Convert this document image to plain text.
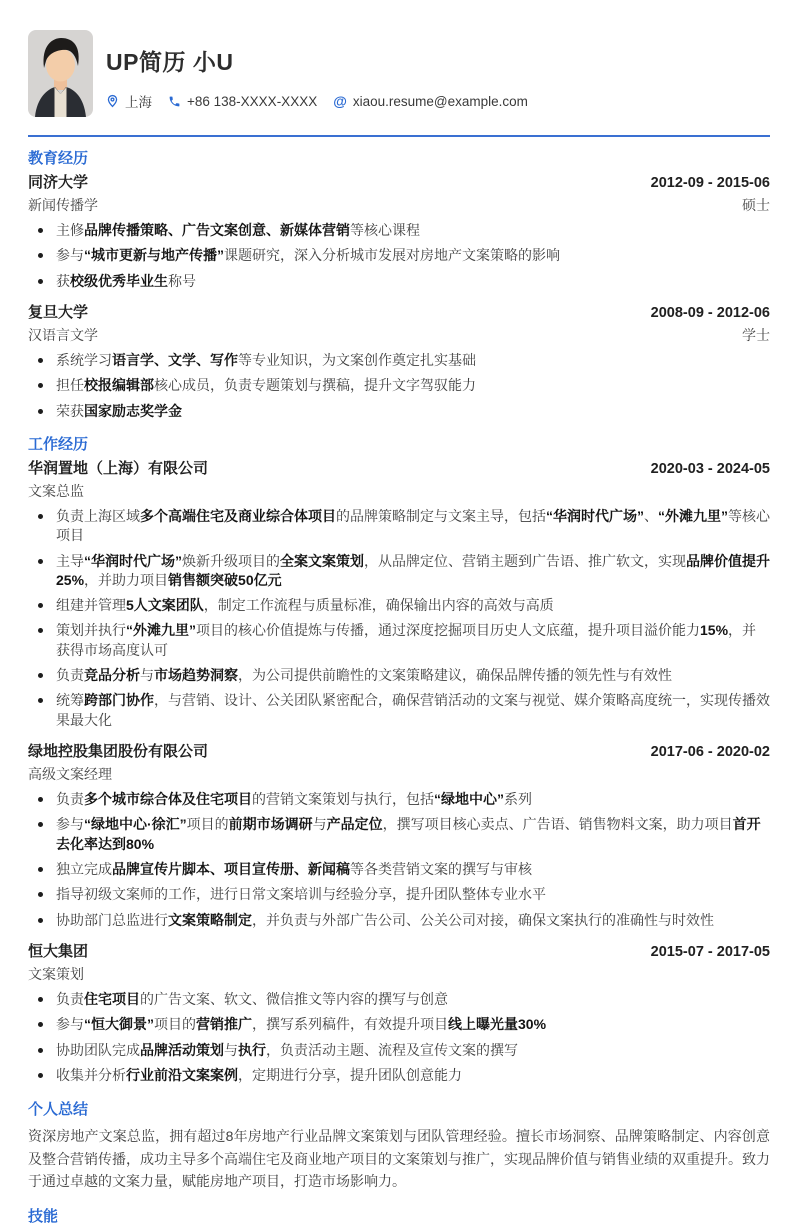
UP简历 小U
上海	+86 138-XXXX-XXXX @ xiaou.resume@example.com
教育经历
同济大学	2012-09 - 2015-06
新闻传播学	硕士
主修品牌传播策略、广告文案创意、新媒体营销等核心课程
参与“城市更新与地产传播”课题研究，深入分析城市发展对房地产文案策略的影响
获校级优秀毕业生称号
复旦大学	2008-09 - 2012-06
汉语言文学	学士
系统学习语言学、文学、写作等专业知识，为文案创作奠定扎实基础
担任校报编辑部核心成员，负责专题策划与撰稿，提升文字驾驭能力
荣获国家励志奖学金
工作经历
华润置地（上海）有限公司	2020-03 - 2024-05
文案总监
负责上海区域多个高端住宅及商业综合体项目的品牌策略制定与文案主导，包括“华润时代广场”、“外滩九里”等核心项目
主导“华润时代广场”焕新升级项目的全案文案策划，从品牌定位、营销主题到广告语、推广软文，实现品牌价值提升25%，并助力项目销售额突破50亿元
组建并管理5人文案团队，制定工作流程与质量标准，确保输出内容的高效与高质
策划并执行“外滩九里”项目的核心价值提炼与传播，通过深度挖掘项目历史人文底蕴，提升项目溢价能力15%，并获得市场高度认可
负责竞品分析与市场趋势洞察，为公司提供前瞻性的文案策略建议，确保品牌传播的领先性与有效性
统筹跨部门协作，与营销、设计、公关团队紧密配合，确保营销活动的文案与视觉、媒介策略高度统一，实现传播效果最大化
绿地控股集团股份有限公司	2017-06 - 2020-02
高级文案经理
负责多个城市综合体及住宅项目的营销文案策划与执行，包括“绿地中心”系列
参与“绿地中心·徐汇”项目的前期市场调研与产品定位，撰写项目核心卖点、广告语、销售物料文案，助力项目首开去化率达到80%
独立完成品牌宣传片脚本、项目宣传册、新闻稿等各类营销文案的撰写与审核
指导初级文案师的工作，进行日常文案培训与经验分享，提升团队整体专业水平
协助部门总监进行文案策略制定，并负责与外部广告公司、公关公司对接，确保文案执行的准确性与时效性
恒大集团	2015-07 - 2017-05
文案策划
负责住宅项目的广告文案、软文、微信推文等内容的撰写与创意
参与“恒大御景”项目的营销推广，撰写系列稿件，有效提升项目线上曝光量30%
协助团队完成品牌活动策划与执行，负责活动主题、流程及宣传文案的撰写
收集并分析行业前沿文案案例，定期进行分享，提升团队创意能力
个人总结

资深房地产文案总监，拥有超过8年房地产行业品牌文案策划与团队管理经验。擅长市场洞察、品牌策略制定、内容创意及整合营销传播，成功主导多个高端住宅及商业地产项目的文案策划与推广，实现品牌价值与销售业绩的双重提升。致力于通过卓越的文案力量，赋能房地产项目，打造市场影响力。

技能
